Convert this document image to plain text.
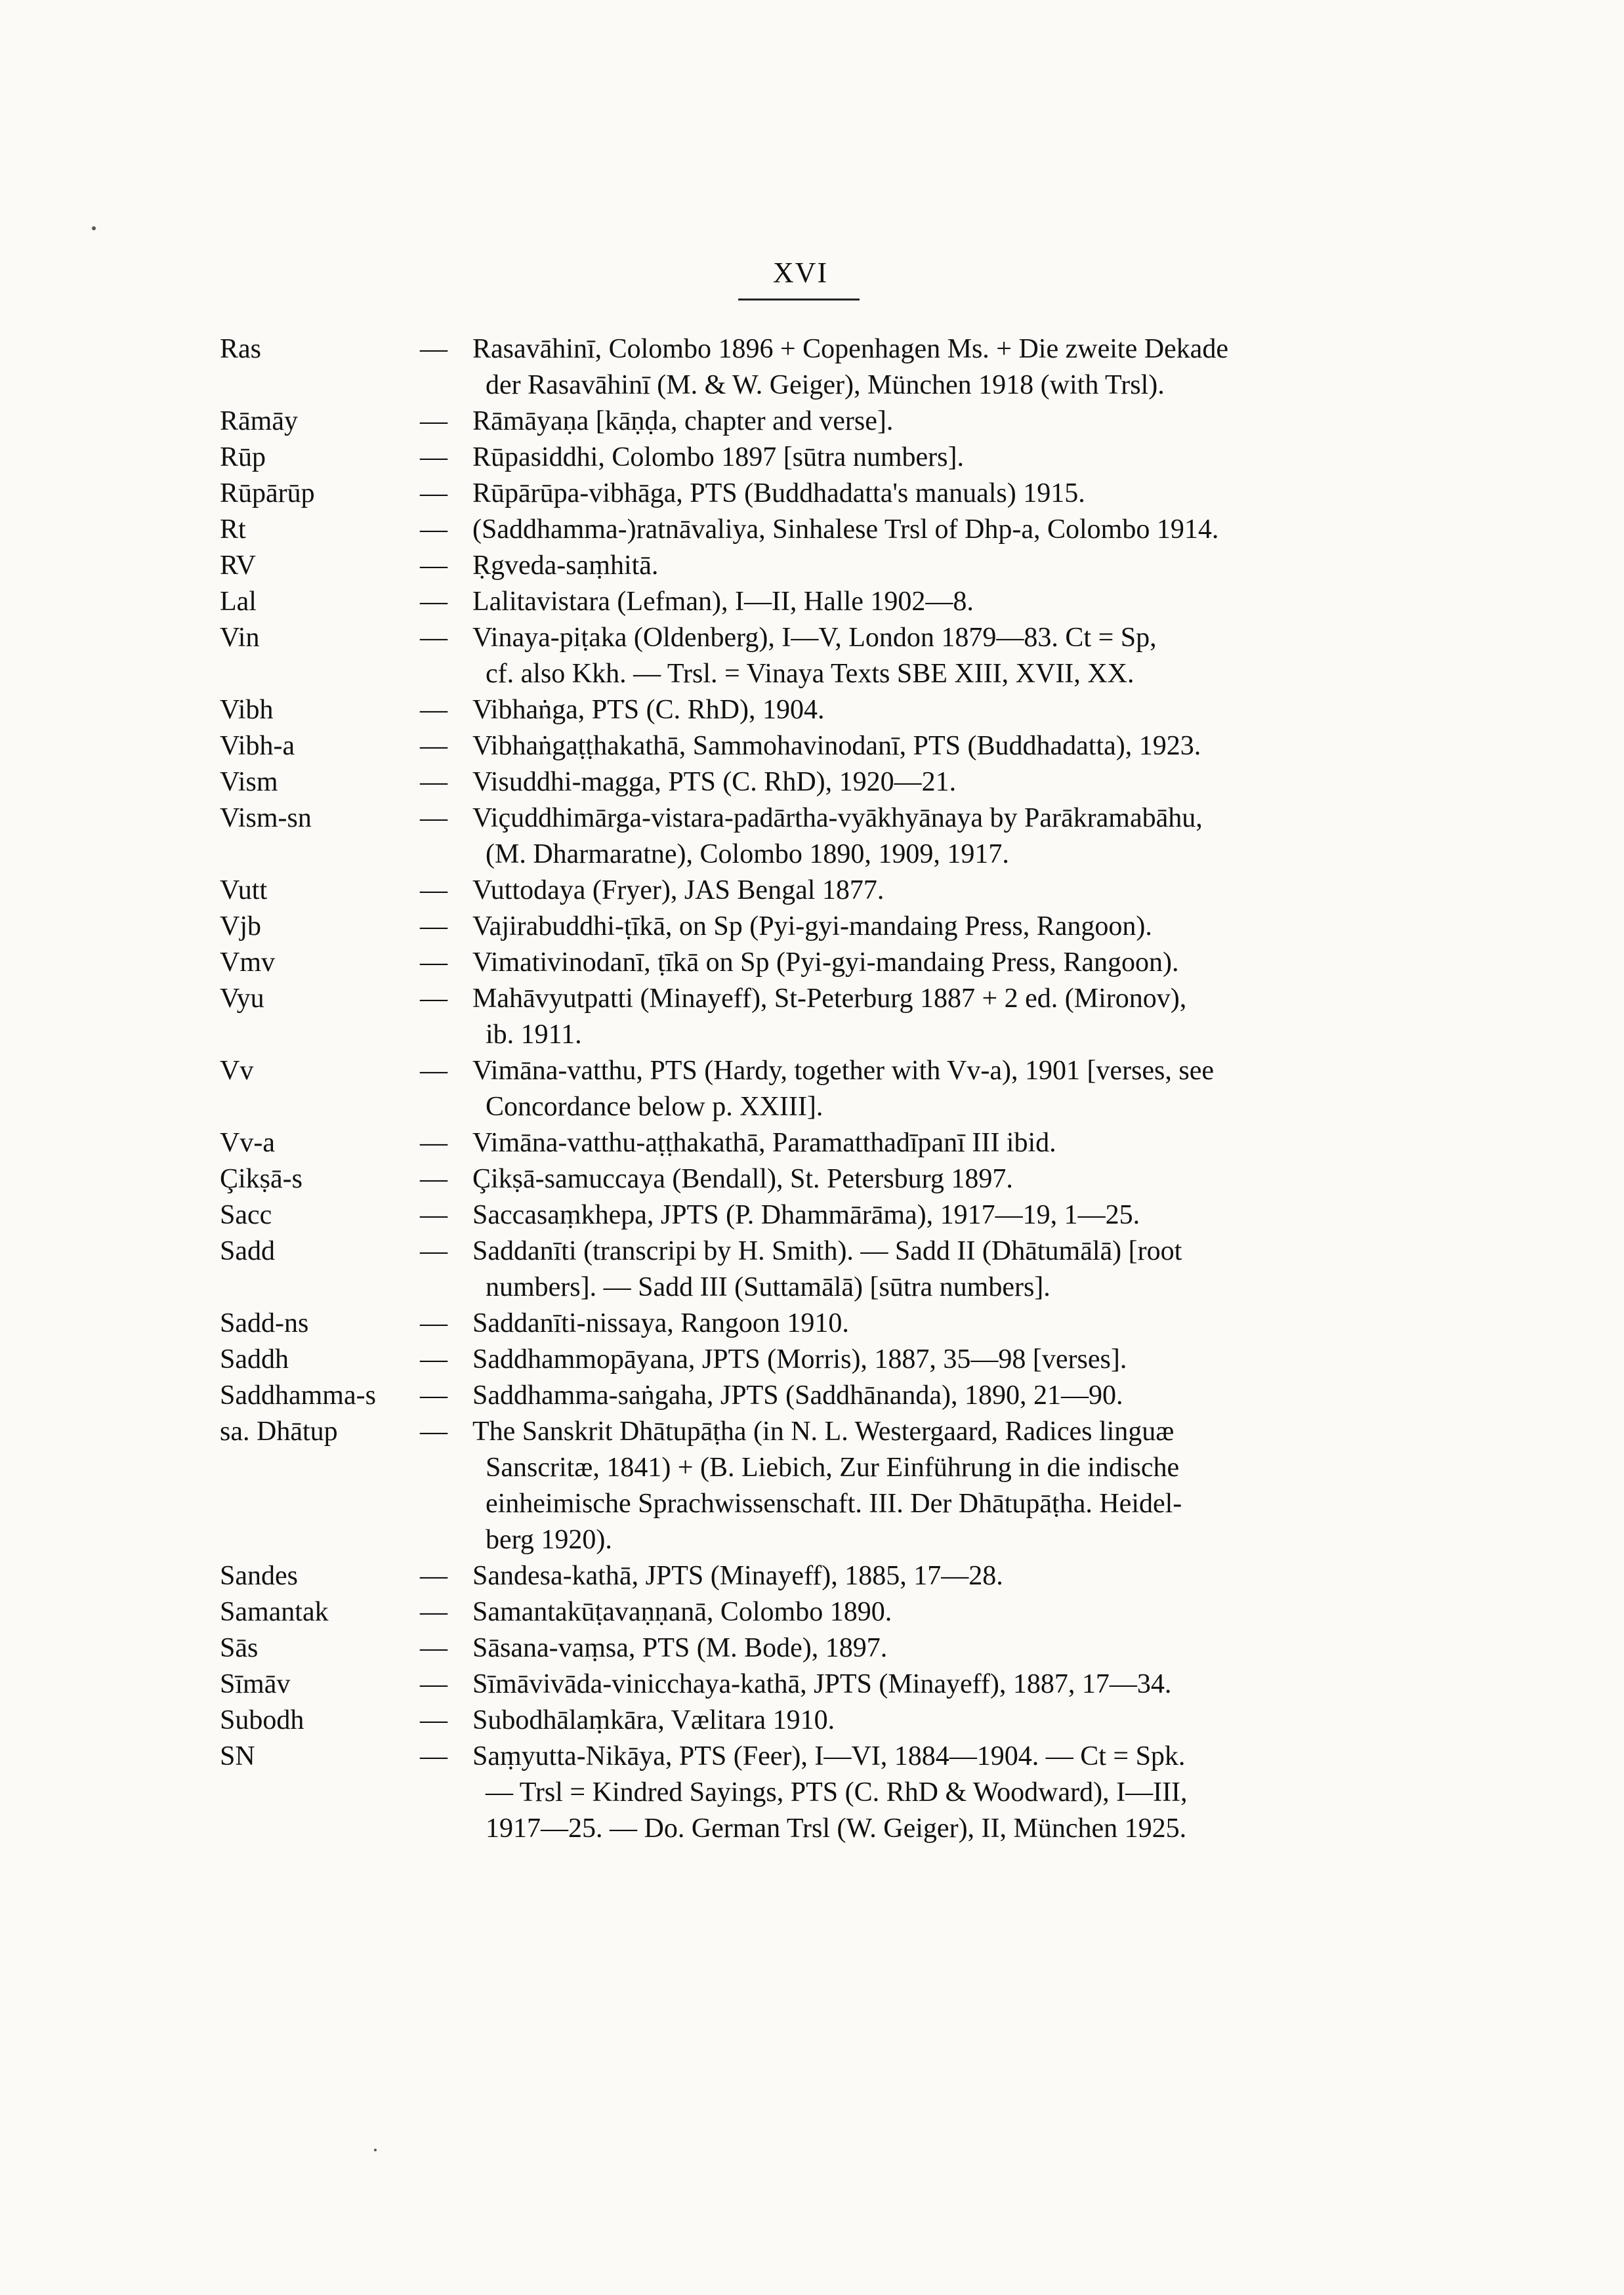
XVI
Ras	— Rasavāhinī, Colombo 1896 + Copenhagen Ms. + Die zweite Dekade
der Rasavāhinī (M. & W. Geiger), München 1918 (with Trsl).
Rāmāy	— Rāmāyaṇa [kāṇḍa, chapter and verse].
Rūp	— Rūpasiddhi, Colombo 1897 [sūtra numbers].
Rūpārūp	— Rūpārūpa-vibhāga, PTS (Buddhadatta's manuals) 1915.
Rt	— (Saddhamma-)ratnāvaliya, Sinhalese Trsl of Dhp-a, Colombo 1914.
RV	— Ṛgveda-saṃhitā.
Lal	— Lalitavistara (Lefman), I—II, Halle 1902—8.
Vin	— Vinaya-piṭaka (Oldenberg), I—V, London 1879—83. Ct = Sp,
cf. also Kkh. — Trsl. = Vinaya Texts SBE XIII, XVII, XX.
Vibh	— Vibhaṅga, PTS (C. RhD), 1904.
Vibh-a	— Vibhaṅgaṭṭhakathā, Sammohavinodanī, PTS (Buddhadatta), 1923.
Vism	— Visuddhi-magga, PTS (C. RhD), 1920—21.
Vism-sn	— Viçuddhimārga-vistara-padārtha-vyākhyānaya by Parākramabāhu,
(M. Dharmaratne), Colombo 1890, 1909, 1917.
Vutt	— Vuttodaya (Fryer), JAS Bengal 1877.
Vjb	— Vajirabuddhi-ṭīkā, on Sp (Pyi-gyi-mandaing Press, Rangoon).
Vmv	— Vimativinodanī, ṭīkā on Sp (Pyi-gyi-mandaing Press, Rangoon).
Vyu	— Mahāvyutpatti (Minayeff), St-Peterburg 1887 + 2 ed. (Mironov),
ib. 1911.
Vv	— Vimāna-vatthu, PTS (Hardy, together with Vv-a), 1901 [verses, see
Concordance below p. XXIII].
Vv-a	— Vimāna-vatthu-aṭṭhakathā, Paramatthadīpanī III ibid.
Çikṣā-s	— Çikṣā-samuccaya (Bendall), St. Petersburg 1897.
Sacc	— Saccasaṃkhepa, JPTS (P. Dhammārāma), 1917—19, 1—25.
Sadd	— Saddanīti (transcripi by H. Smith). — Sadd II (Dhātumālā) [root
numbers]. — Sadd III (Suttamālā) [sūtra numbers].
Sadd-ns	— Saddanīti-nissaya, Rangoon 1910.
Saddh	— Saddhammopāyana, JPTS (Morris), 1887, 35—98 [verses].
Saddhamma-s	— Saddhamma-saṅgaha, JPTS (Saddhānanda), 1890, 21—90.
sa. Dhātup	— The Sanskrit Dhātupāṭha (in N. L. Westergaard, Radices linguæ
Sanscritæ, 1841) + (B. Liebich, Zur Einführung in die indische
einheimische Sprachwissenschaft. III. Der Dhātupāṭha. Heidel-
berg 1920).
Sandes	— Sandesa-kathā, JPTS (Minayeff), 1885, 17—28.
Samantak	— Samantakūṭavaṇṇanā, Colombo 1890.
Sās	— Sāsana-vaṃsa, PTS (M. Bode), 1897.
Sīmāv	— Sīmāvivāda-vinicchaya-kathā, JPTS (Minayeff), 1887, 17—34.
Subodh	— Subodhālaṃkāra, Vælitara 1910.
SN	— Saṃyutta-Nikāya, PTS (Feer), I—VI, 1884—1904. — Ct = Spk.
— Trsl = Kindred Sayings, PTS (C. RhD & Woodward), I—III,
1917—25. — Do. German Trsl (W. Geiger), II, München 1925.
